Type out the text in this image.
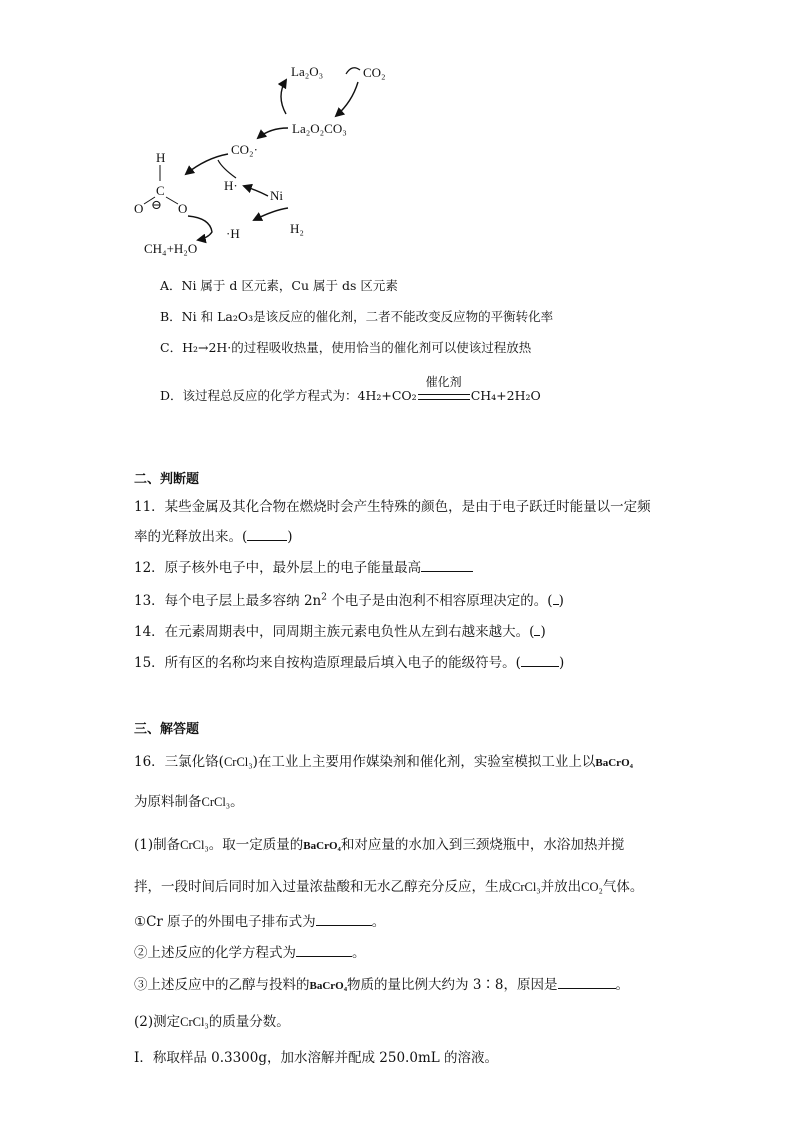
La₂O₃	CO₂
La₂O₂CO₃
CO₂·
H
C
⊖
O	O
H·
Ni
·H	H₂
CH₄+H₂O
A．Ni 属于 d 区元素，Cu 属于 ds 区元素
B．Ni 和 La₂O₃是该反应的催化剂，二者不能改变反应物的平衡转化率
C．H₂→2H·的过程吸收热量，使用恰当的催化剂可以使该过程放热
D．该过程总反应的化学方程式为：4H₂+CO₂
催化剂
CH₄+2H₂O
二、判断题
11．某些金属及其化合物在燃烧时会产生特殊的颜色，是由于电子跃迁时能量以一定频
率的光释放出来。(	)
12．原子核外电子中，最外层上的电子能量最高
13．每个电子层上最多容纳 $2n^2$ 个电子是由泡利不相容原理决定的。( )
14．在元素周期表中，同周期主族元素电负性从左到右越来越大。( )
15．所有区的名称均来自按构造原理最后填入电子的能级符号。(	)
三、解答题
16．三氯化铬(CrCl₃)在工业上主要用作媒染剂和催化剂，实验室模拟工业上以BaCrO₄
为原料制备CrCl₃。
(1)制备CrCl₃。取一定质量的BaCrO₄和对应量的水加入到三颈烧瓶中，水浴加热并搅
拌，一段时间后同时加入过量浓盐酸和无水乙醇充分反应，生成CrCl₃并放出CO₂气体。
①Cr 原子的外围电子排布式为	。
②上述反应的化学方程式为	。
③上述反应中的乙醇与投料的BaCrO₄物质的量比例大约为 3∶8，原因是	。
(2)测定CrCl₃的质量分数。
I．称取样品 0.3300g，加水溶解并配成 250.0mL 的溶液。
